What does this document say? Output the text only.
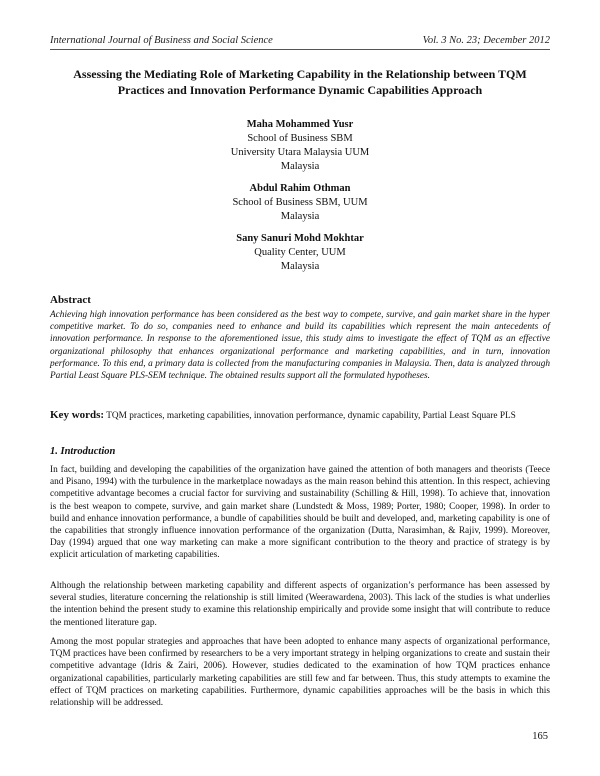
International Journal of Business and Social Science	Vol. 3 No. 23; December 2012
Assessing the Mediating Role of Marketing Capability in the Relationship between TQM Practices and Innovation Performance Dynamic Capabilities Approach
Maha Mohammed Yusr
School of Business SBM
University Utara Malaysia UUM
Malaysia
Abdul Rahim Othman
School of Business SBM, UUM
Malaysia
Sany Sanuri Mohd Mokhtar
Quality Center, UUM
Malaysia
Abstract
Achieving high innovation performance has been considered as the best way to compete, survive, and gain market share in the hyper competitive market. To do so, companies need to enhance and build its capabilities which represent the main antecedents of innovation performance. In response to the aforementioned issue, this study aims to investigate the effect of TQM as an effective organizational philosophy that enhances organizational performance and marketing capabilities, and in turn, innovation performance. To this end, a primary data is collected from the manufacturing companies in Malaysia. Then, data is analyzed through Partial Least Square PLS-SEM technique. The obtained results support all the formulated hypotheses.
Key words: TQM practices, marketing capabilities, innovation performance, dynamic capability, Partial Least Square PLS
1. Introduction
In fact, building and developing the capabilities of the organization have gained the attention of both managers and theorists (Teece and Pisano, 1994) with the turbulence in the marketplace nowadays as the main reason behind this attention. In this respect, achieving competitive advantage becomes a crucial factor for surviving and sustainability (Schilling & Hill, 1998). To achieve that, innovation is the best weapon to compete, survive, and gain market share (Lundstedt & Moss, 1989; Porter, 1980; Cooper, 1998). In order to build and enhance innovation performance, a bundle of capabilities should be built and developed, and, marketing capability is one of the capabilities that strongly influence innovation performance of the organization (Dutta, Narasimhan, & Rajiv, 1999). Moreover, Day (1994) argued that one way marketing can make a more significant contribution to the theory and practice of strategy is by explicit articulation of marketing capabilities.
Although the relationship between marketing capability and different aspects of organization’s performance has been assessed by several studies, literature concerning the relationship is still limited (Weerawardena, 2003). This lack of the studies is what underlies the intention behind the present study to examine this relationship empirically and provide some insight that will contribute to reduce the mentioned literature gap.
Among the most popular strategies and approaches that have been adopted to enhance many aspects of organizational performance, TQM practices have been confirmed by researchers to be a very important strategy in helping organizations to create and sustain their competitive advantage (Idris & Zairi, 2006). However, studies dedicated to the examination of how TQM practices enhance organizational capabilities, particularly marketing capabilities are still few and far between. Thus, this study attempts to examine the effect of TQM practices on marketing capabilities. Furthermore, dynamic capabilities approaches will be the basis in which this relationship will be addressed.
165
